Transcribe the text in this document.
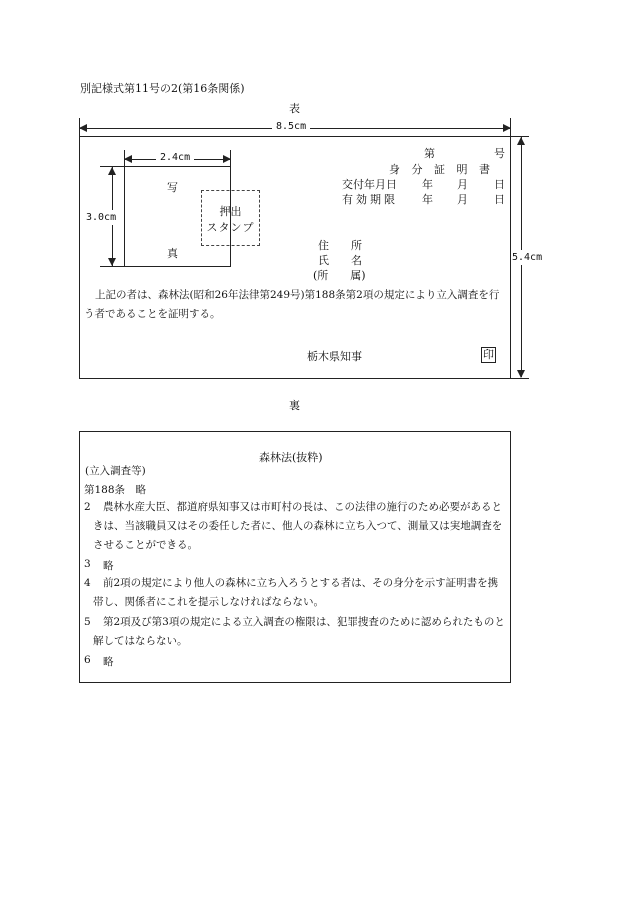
別記様式第11号の2(第16条関係)
表
8.5cm
5.4cm
写
真
2.4cm
3.0cm	押出
スタンプ
第	号
身 分 証 明 書
交付年月日 年 月 日
有効期限 年 月 日
住　　所
氏　　名
(所　　属)
上記の者は、森林法(昭和26年法律第249号)第188条第2項の規定により立入調査を行う者であることを証明する。
栃木県知事	印
裏
森林法(抜粋)
(立入調査等)
第188条　略
2	農林水産大臣、都道府県知事又は市町村の長は、この法律の施行のため必要があるときは、当該職員又はその委任した者に、他人の森林に立ち入つて、測量又は実地調査をさせることができる。
3 略
4	前2項の規定により他人の森林に立ち入ろうとする者は、その身分を示す証明書を携帯し、関係者にこれを提示しなければならない。
5	第2項及び第3項の規定による立入調査の権限は、犯罪捜査のために認められたものと解してはならない。
6 略
